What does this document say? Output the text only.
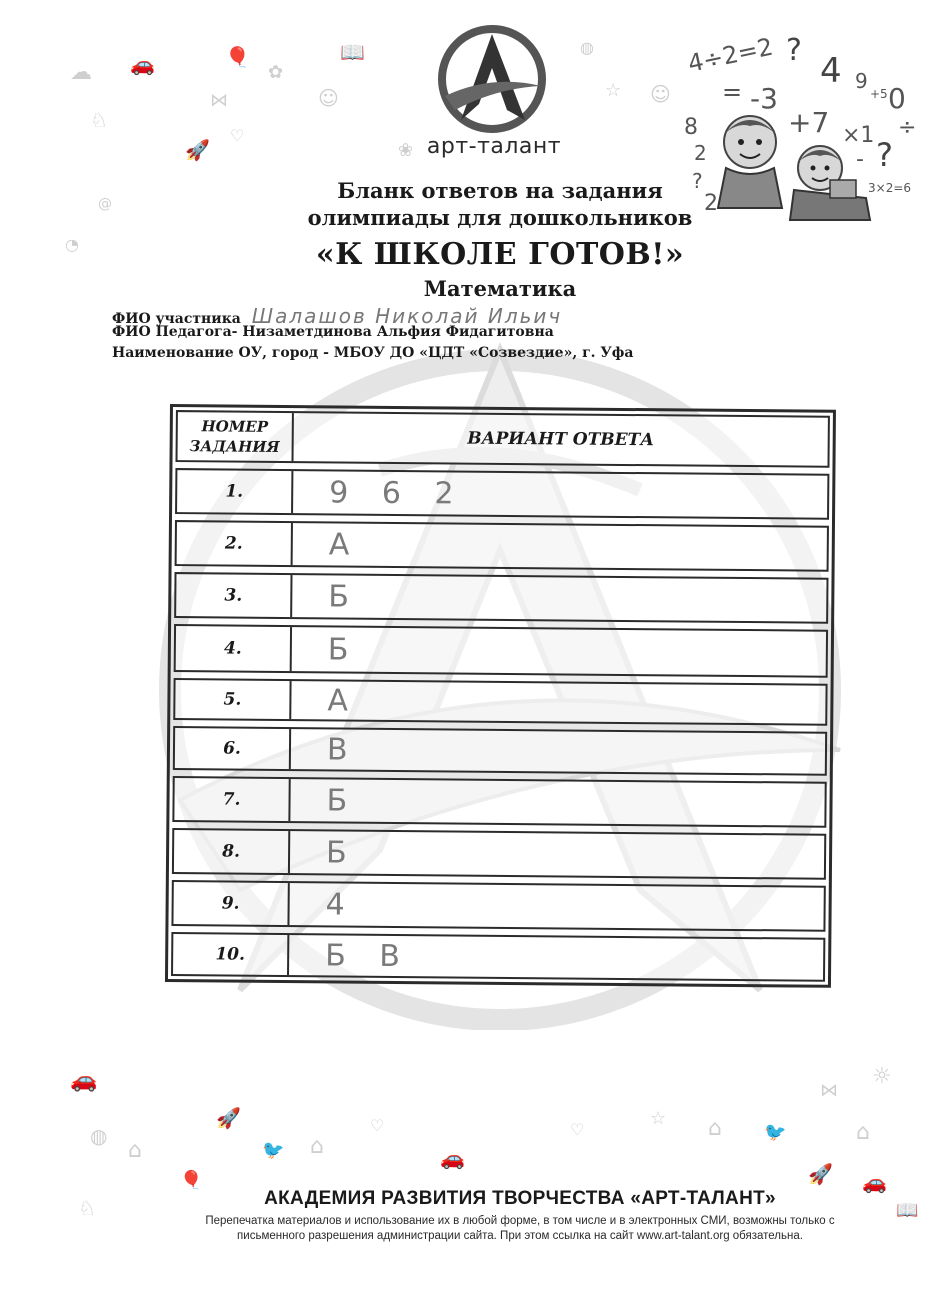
☁ 🚗	🎈	📖
✿
☺
⋈
♘
♡
🚀	❀
@
◔
◍
☆ ☺
арт-талант
4÷2=2 ?
=
4 9
+5 0
8
-3
+7 ×1 ÷
2	- ?
3×2=6
?
2
Бланк ответов на задания
олимпиады для дошкольников
«К ШКОЛЕ ГОТОВ!»
Математика
ФИО участника Шалашов Николай Ильич
ФИО Педагога- Низаметдинова Альфия Фидагитовна
Наименование ОУ, город - МБОУ ДО «ЦДТ «Созвездие», г. Уфа
НОМЕР
ЗАДАНИЯ	ВАРИАНТ ОТВЕТА
1.	9 6 2
2.	А
3.	Б
4.	Б
5.	А
6.	В
7.	Б
8.	Б
9.	4
10.	Б В
🚗	☼
⋈
◍
⌂
🚀
🐦 ⌂
♡
🚗
♡
☆ ⌂ 🐦	⌂
🚀 🚗
📖
♘
🎈
АКАДЕМИЯ РАЗВИТИЯ ТВОРЧЕСТВА «АРТ-ТАЛАНТ»
Перепечатка материалов и использование их в любой форме, в том числе и в электронных СМИ, возможны только с
письменного разрешения администрации сайта. При этом ссылка на сайт www.art-talant.org обязательна.
